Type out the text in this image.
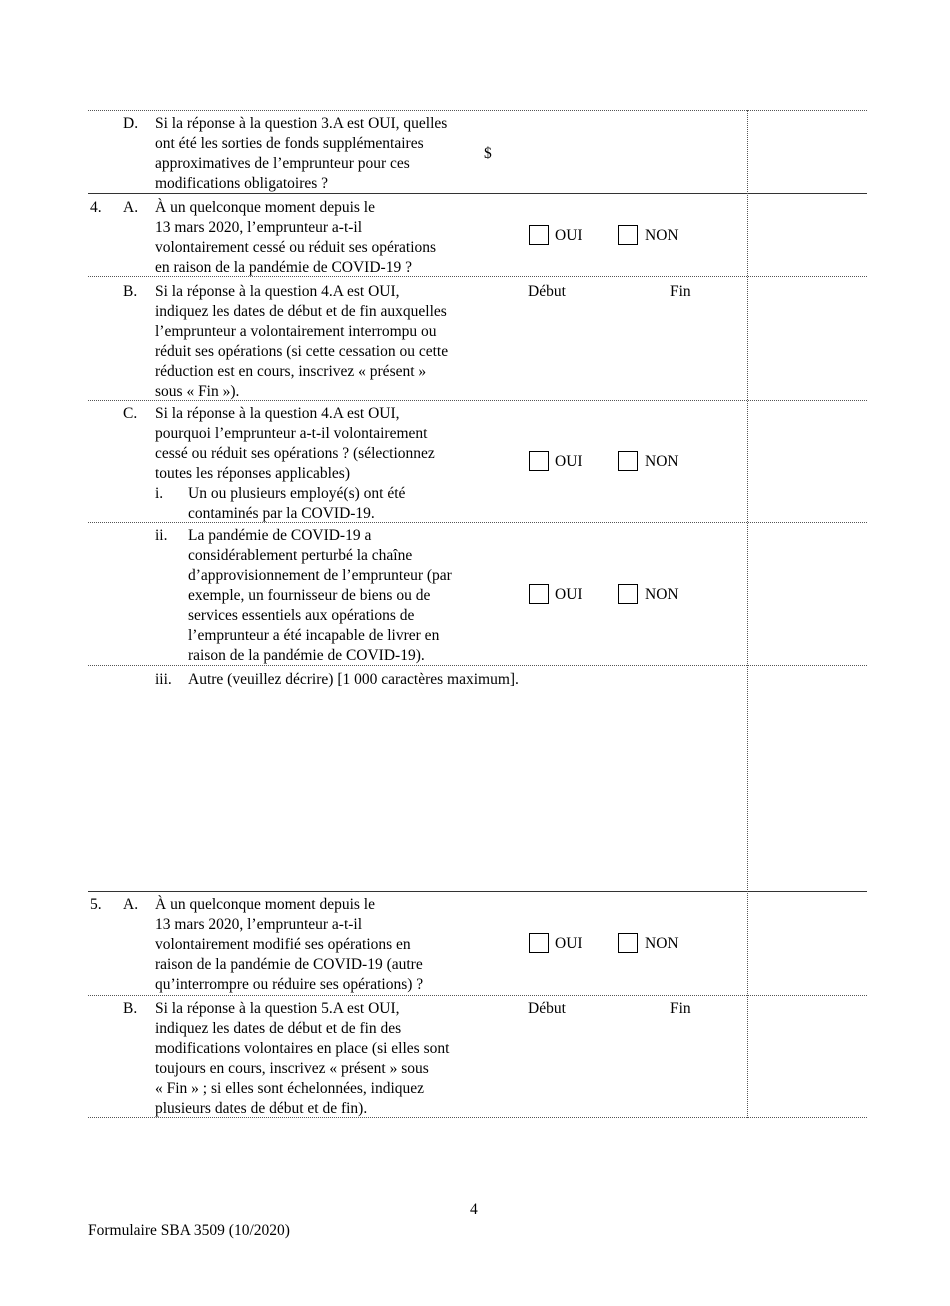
D. Si la réponse à la question 3.A est OUI, quelles
ont été les sorties de fonds supplémentaires
approximatives de l’emprunteur pour ces
modifications obligatoires ?
$
4. A. À un quelconque moment depuis le
13 mars 2020, l’emprunteur a-t-il
volontairement cessé ou réduit ses opérations
en raison de la pandémie de COVID-19 ?
OUI	NON
B. Si la réponse à la question 4.A est OUI,
indiquez les dates de début et de fin auxquelles
l’emprunteur a volontairement interrompu ou
réduit ses opérations (si cette cessation ou cette
réduction est en cours, inscrivez « présent »
sous « Fin »).
Début	Fin
C. Si la réponse à la question 4.A est OUI,
pourquoi l’emprunteur a-t-il volontairement
cessé ou réduit ses opérations ? (sélectionnez
toutes les réponses applicables)
i. Un ou plusieurs employé(s) ont été
contaminés par la COVID-19.
OUI	NON
ii. La pandémie de COVID-19 a
considérablement perturbé la chaîne
d’approvisionnement de l’emprunteur (par
exemple, un fournisseur de biens ou de
services essentiels aux opérations de
l’emprunteur a été incapable de livrer en
raison de la pandémie de COVID-19).
OUI	NON
iii. Autre (veuillez décrire) [1 000 caractères maximum].
5. A. À un quelconque moment depuis le
13 mars 2020, l’emprunteur a-t-il
volontairement modifié ses opérations en
raison de la pandémie de COVID-19 (autre
qu’interrompre ou réduire ses opérations) ?
OUI	NON
B. Si la réponse à la question 5.A est OUI,
indiquez les dates de début et de fin des
modifications volontaires en place (si elles sont
toujours en cours, inscrivez « présent » sous
« Fin » ; si elles sont échelonnées, indiquez
plusieurs dates de début et de fin).
Début	Fin
4
Formulaire SBA 3509 (10/2020)
